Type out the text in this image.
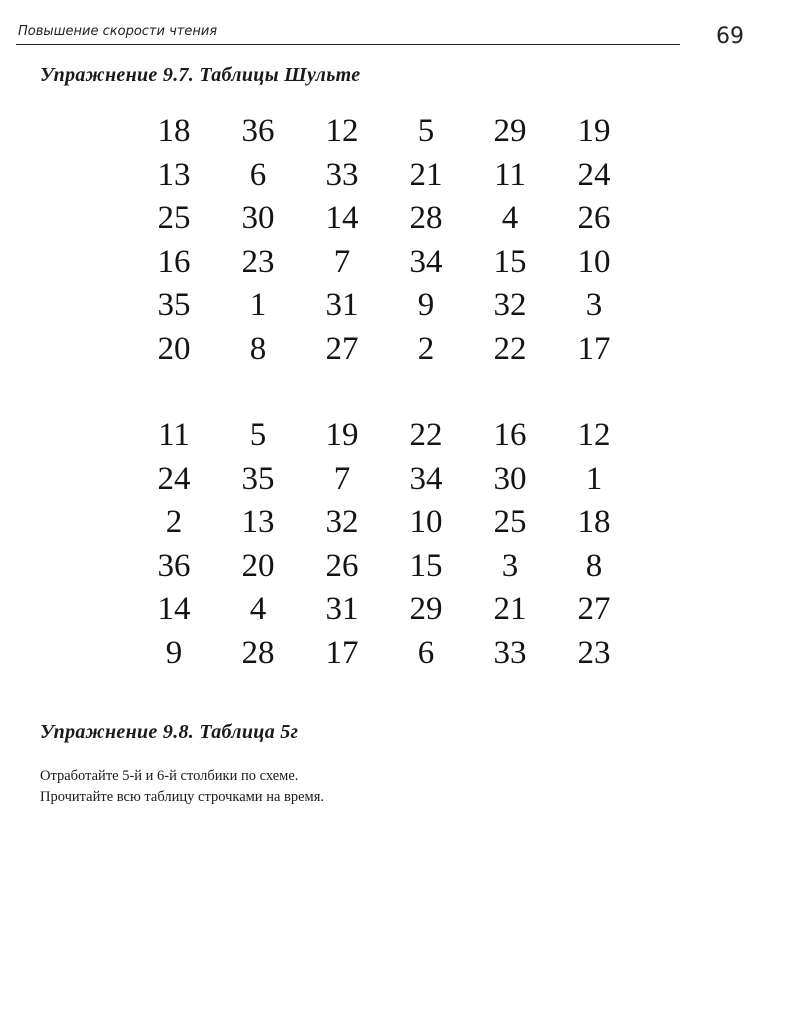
Повышение скорости чтения	69
Упражнение 9.7. Таблицы Шульте
18	36	12	5	29	19
13	6	33	21	11	24
25	30	14	28	4	26
16	23	7	34	15	10
35	1	31	9	32	3
20	8	27	2	22	17
11	5	19	22	16	12
24	35	7	34	30	1
2	13	32	10	25	18
36	20	26	15	3	8
14	4	31	29	21	27
9	28	17	6	33	23
Упражнение 9.8. Таблица 5г
Отработайте 5-й и 6-й столбики по схеме.
Прочитайте всю таблицу строчками на время.
